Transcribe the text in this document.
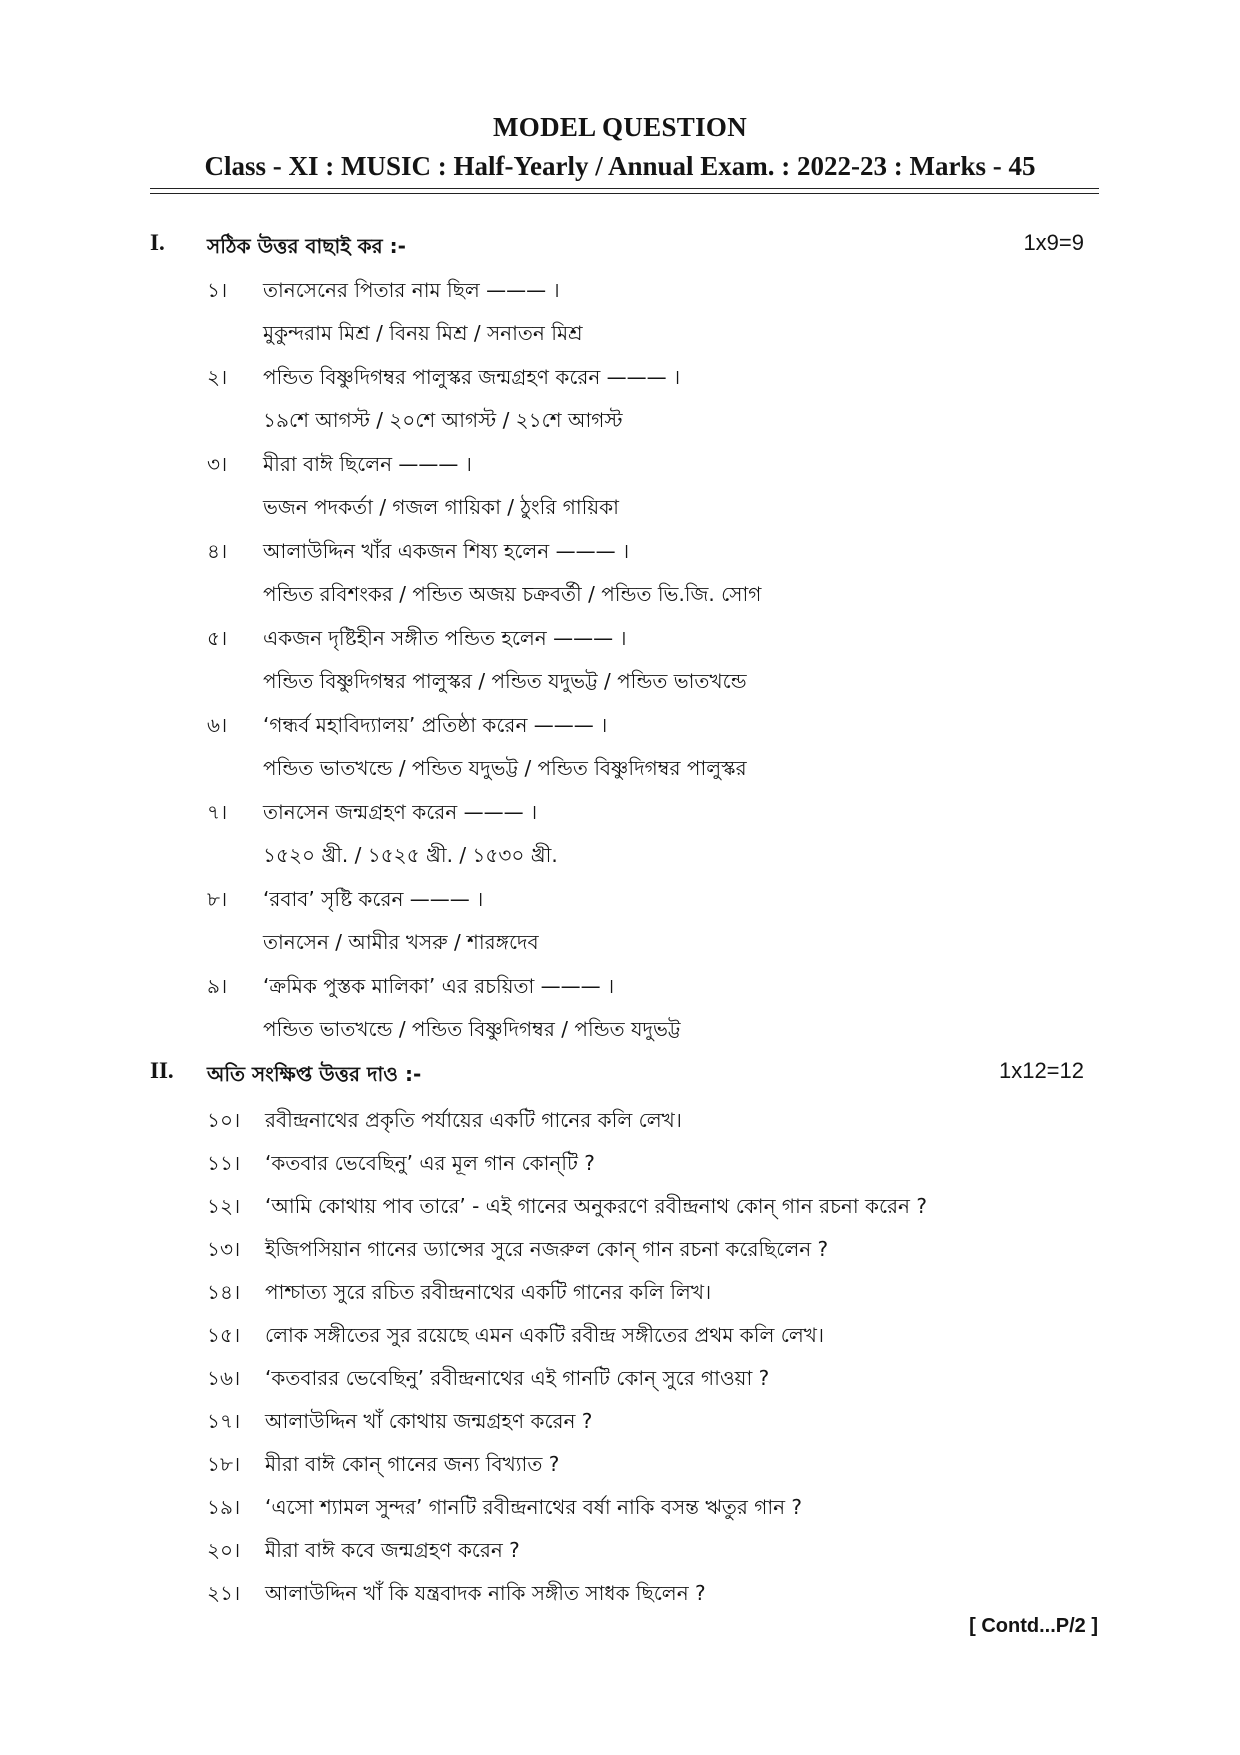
MODEL QUESTION
Class - XI : MUSIC : Half-Yearly / Annual Exam. : 2022-23 : Marks - 45
I. সঠিক উত্তর বাছাই কর :-	1x9=9
১। তানসেনের পিতার নাম ছিল ——— ।
মুকুন্দরাম মিশ্র / বিনয় মিশ্র / সনাতন মিশ্র
২। পন্ডিত বিষ্ণুদিগম্বর পালুস্কর জন্মগ্রহণ করেন ——— ।
১৯শে আগস্ট / ২০শে আগস্ট / ২১শে আগস্ট
৩। মীরা বাঈ ছিলেন ——— ।
ভজন পদকর্তা / গজল গায়িকা / ঠুংরি গায়িকা
৪। আলাউদ্দিন খাঁর একজন শিষ্য হলেন ——— ।
পন্ডিত রবিশংকর / পন্ডিত অজয় চক্রবর্তী / পন্ডিত ভি.জি. সোগ
৫। একজন দৃষ্টিহীন সঙ্গীত পন্ডিত হলেন ——— ।
পন্ডিত বিষ্ণুদিগম্বর পালুস্কর / পন্ডিত যদুভট্ট / পন্ডিত ভাতখন্ডে
৬। ‘গন্ধর্ব মহাবিদ্যালয়’ প্রতিষ্ঠা করেন ——— ।
পন্ডিত ভাতখন্ডে / পন্ডিত যদুভট্ট / পন্ডিত বিষ্ণুদিগম্বর পালুস্কর
৭। তানসেন জন্মগ্রহণ করেন ——— ।
১৫২০ খ্রী. / ১৫২৫ খ্রী. / ১৫৩০ খ্রী.
৮। ‘রবাব’ সৃষ্টি করেন ——— ।
তানসেন / আমীর খসরু / শারঙ্গদেব
৯। ‘ক্রমিক পুস্তক মালিকা’ এর রচয়িতা ——— ।
পন্ডিত ভাতখন্ডে / পন্ডিত বিষ্ণুদিগম্বর / পন্ডিত যদুভট্ট
II. অতি সংক্ষিপ্ত উত্তর দাও :-	1x12=12
১০। রবীন্দ্রনাথের প্রকৃতি পর্যায়ের একটি গানের কলি লেখ।
১১। ‘কতবার ভেবেছিনু’ এর মূল গান কোন্‌টি ?
১২। ‘আমি কোথায় পাব তারে’ - এই গানের অনুকরণে রবীন্দ্রনাথ কোন্‌ গান রচনা করেন ?
১৩। ইজিপসিয়ান গানের ড্যান্সের সুরে নজরুল কোন্‌ গান রচনা করেছিলেন ?
১৪। পাশ্চাত্য সুরে রচিত রবীন্দ্রনাথের একটি গানের কলি লিখ।
১৫। লোক সঙ্গীতের সুর রয়েছে এমন একটি রবীন্দ্র সঙ্গীতের প্রথম কলি লেখ।
১৬। ‘কতবারর ভেবেছিনু’ রবীন্দ্রনাথের এই গানটি কোন্‌ সুরে গাওয়া ?
১৭। আলাউদ্দিন খাঁ কোথায় জন্মগ্রহণ করেন ?
১৮। মীরা বাঈ কোন্‌ গানের জন্য বিখ্যাত ?
১৯। ‘এসো শ্যামল সুন্দর’ গানটি রবীন্দ্রনাথের বর্ষা নাকি বসন্ত ঋতুর গান ?
২০। মীরা বাঈ কবে জন্মগ্রহণ করেন ?
২১। আলাউদ্দিন খাঁ কি যন্ত্রবাদক নাকি সঙ্গীত সাধক ছিলেন ?
[ Contd...P/2 ]
